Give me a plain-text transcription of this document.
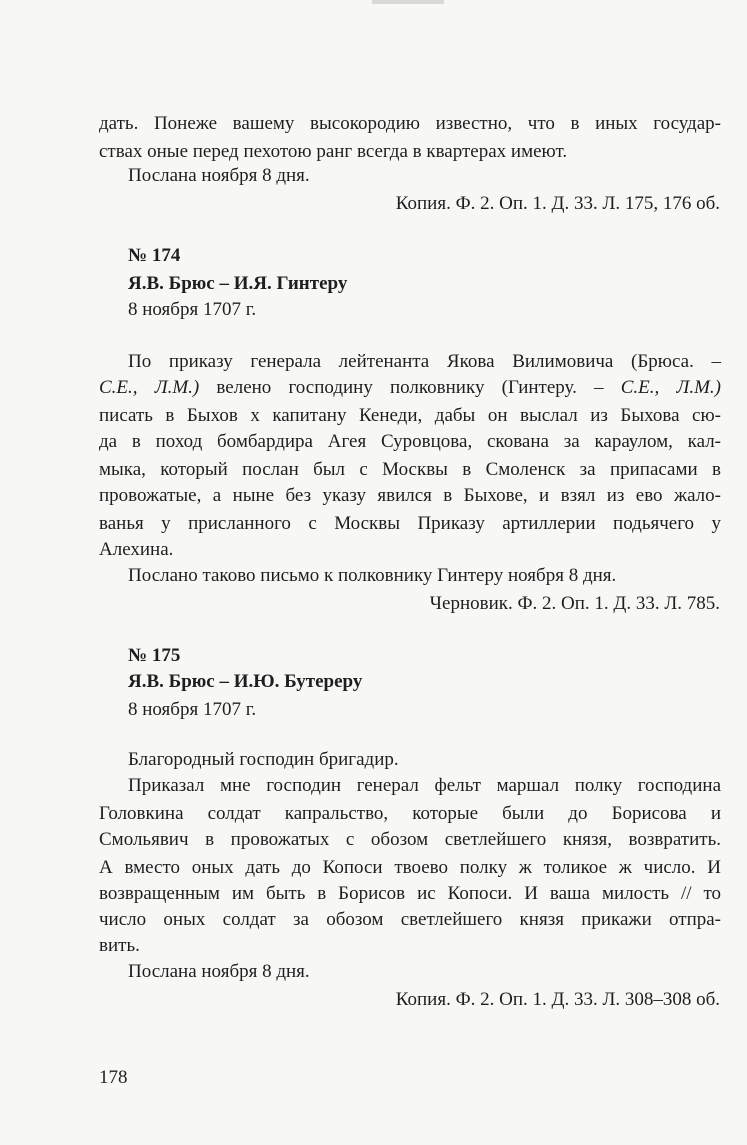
дать. Понеже вашему высокородию известно, что в иных государ-
ствах оные перед пехотою ранг всегда в квартерах имеют.
Послана ноября 8 дня.
Копия. Ф. 2. Оп. 1. Д. 33. Л. 175, 176 об.
№ 174
Я.В. Брюс – И.Я. Гинтеру
8 ноября 1707 г.
По приказу генерала лейтенанта Якова Вилимовича (Брюса. –
С.Е., Л.М.) велено господину полковнику (Гинтеру. – С.Е., Л.М.)
писать в Быхов х капитану Кенеди, дабы он выслал из Быхова сю-
да в поход бомбардира Агея Суровцова, скована за караулом, кал-
мыка, который послан был с Москвы в Смоленск за припасами в
провожатые, а ныне без указу явился в Быхове, и взял из ево жало-
ванья у присланного с Москвы Приказу артиллерии подьячего у
Алехина.
Послано таково письмо к полковнику Гинтеру ноября 8 дня.
Черновик. Ф. 2. Оп. 1. Д. 33. Л. 785.
№ 175
Я.В. Брюс – И.Ю. Бутереру
8 ноября 1707 г.
Благородный господин бригадир.
Приказал мне господин генерал фельт маршал полку господина
Головкина солдат капральство, которые были до Борисова и
Смольявич в провожатых с обозом светлейшего князя, возвратить.
А вместо оных дать до Копоси твоево полку ж толикое ж число. И
возвращенным им быть в Борисов ис Копоси. И ваша милость // то
число оных солдат за обозом светлейшего князя прикажи отпра-
вить.
Послана ноября 8 дня.
Копия. Ф. 2. Оп. 1. Д. 33. Л. 308–308 об.
178
